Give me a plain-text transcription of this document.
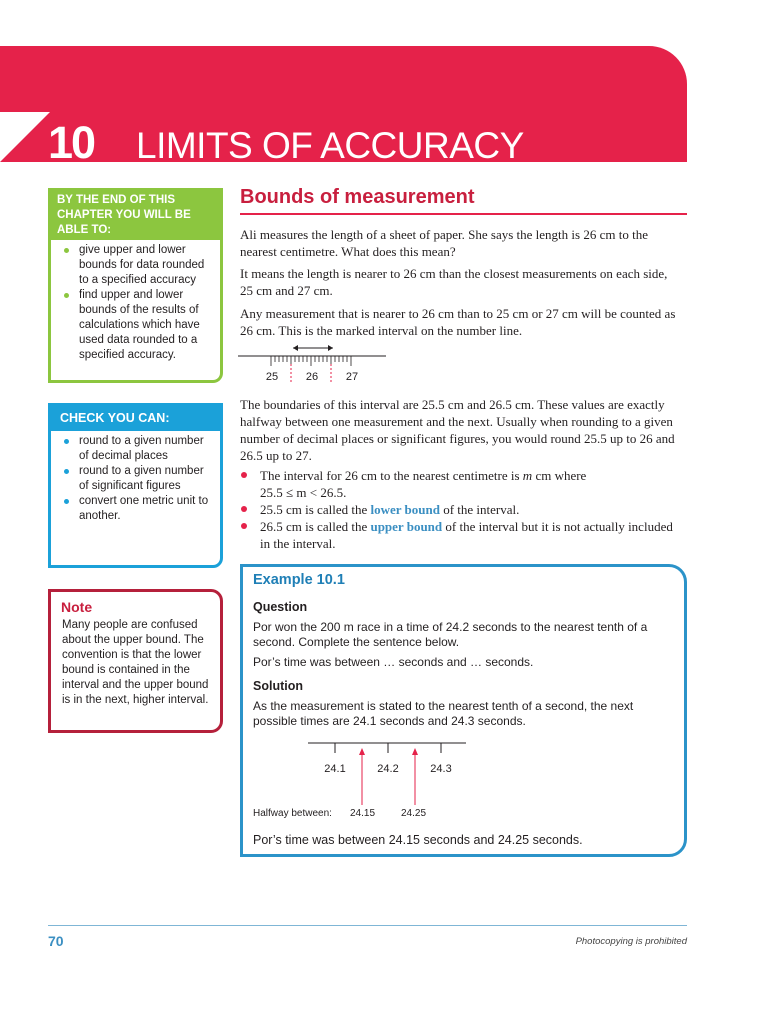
10 LIMITS OF ACCURACY
BY THE END OF THIS CHAPTER YOU WILL BE ABLE TO:
give upper and lower bounds for data rounded to a specified accuracy
find upper and lower bounds of the results of calculations which have used data rounded to a specified accuracy.
CHECK YOU CAN:
round to a given number of decimal places
round to a given number of significant figures
convert one metric unit to another.
Note
Many people are confused about the upper bound. The convention is that the lower bound is contained in the interval and the upper bound is in the next, higher interval.
Bounds of measurement

Ali measures the length of a sheet of paper. She says the length is 26 cm to the nearest centimetre. What does this mean?

It means the length is nearer to 26 cm than the closest measurements on each side, 25 cm and 27 cm.

Any measurement that is nearer to 26 cm than to 25 cm or 27 cm will be counted as 26 cm. This is the marked interval on the number line.

25	26	27

The boundaries of this interval are 25.5 cm and 26.5 cm. These values are exactly halfway between one measurement and the next. Usually when rounding to a given number of decimal places or significant figures, you would round 25.5 up to 26 and 26.5 up to 27.

The interval for 26 cm to the nearest centimetre is m cm where
25.5 ≤ m < 26.5.
25.5 cm is called the lower bound of the interval.
26.5 cm is called the upper bound of the interval but it is not actually included in the interval.
Example 10.1
Question

Por won the 200 m race in a time of 24.2 seconds to the nearest tenth of a second. Complete the sentence below.

Por’s time was between … seconds and … seconds.

Solution

As the measurement is stated to the nearest tenth of a second, the next possible times are 24.1 seconds and 24.3 seconds.

24.1	24.2	24.3
Halfway between: 24.15	24.25

Por’s time was between 24.15 seconds and 24.25 seconds.

70	Photocopying is prohibited
